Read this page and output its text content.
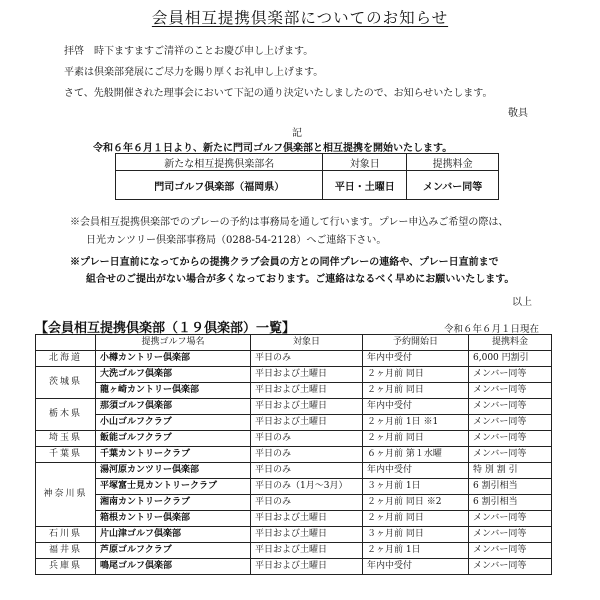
会員相互提携倶楽部についてのお知らせ
拝啓　時下ますますご清祥のことお慶び申し上げます。
平素は倶楽部発展にご尽力を賜り厚くお礼申し上げます。
さて、先般開催された理事会において下記の通り決定いたしましたので、お知らせいたします。
敬具
記
令和６年６月１日より、新たに門司ゴルフ倶楽部と相互提携を開始いたします。
新たな相互提携倶楽部名	対象日	提携料金
門司ゴルフ倶楽部（福岡県）	平日・土曜日	メンバー同等
※会員相互提携倶楽部でのプレーの予約は事務局を通して行います。プレー申込みご希望の際は、
日光カンツリー倶楽部事務局（0288-54-2128）へご連絡下さい。
※プレー日直前になってからの提携クラブ会員の方との同伴プレーの連絡や、プレー日直前まで
組合せのご提出がない場合が多くなっております。ご連絡はなるべく早めにお願いいたします。
以上
【会員相互提携倶楽部（１９倶楽部）一覧】	令和６年６月１日現在
	提携ゴルフ場名	対象日	予約開始日	提携料金
北海道	小樽カントリー倶楽部	平日のみ	年内中受付	6,000 円割引
茨城県	大洗ゴルフ倶楽部	平日および土曜日	２ヶ月前 同日	メンバー同等
	龍ヶ崎カントリー倶楽部	平日および土曜日	２ヶ月前 同日	メンバー同等
栃木県	那須ゴルフ倶楽部	平日および土曜日	年内中受付	メンバー同等
	小山ゴルフクラブ	平日および土曜日	２ヶ月前 1日 ※1	メンバー同等
埼玉県	飯能ゴルフクラブ	平日のみ	２ヶ月前 同日	メンバー同等
千葉県	千葉カントリークラブ	平日のみ	６ヶ月前 第１水曜	メンバー同等
神奈川県	湯河原カンツリー倶楽部	平日のみ	年内中受付	特 別 割 引
	平塚富士見カントリークラブ	平日のみ（1月～3月）	３ヶ月前 1日	6 割引相当
	湘南カントリークラブ	平日のみ	２ヶ月前 同日 ※2	6 割引相当
	箱根カントリー倶楽部	平日および土曜日	２ヶ月前 同日	メンバー同等
石川県	片山津ゴルフ倶楽部	平日および土曜日	３ヶ月前 同日	メンバー同等
福井県	芦原ゴルフクラブ	平日および土曜日	２ヶ月前 1日	メンバー同等
兵庫県	鳴尾ゴルフ倶楽部	平日および土曜日	年内中受付	メンバー同等
